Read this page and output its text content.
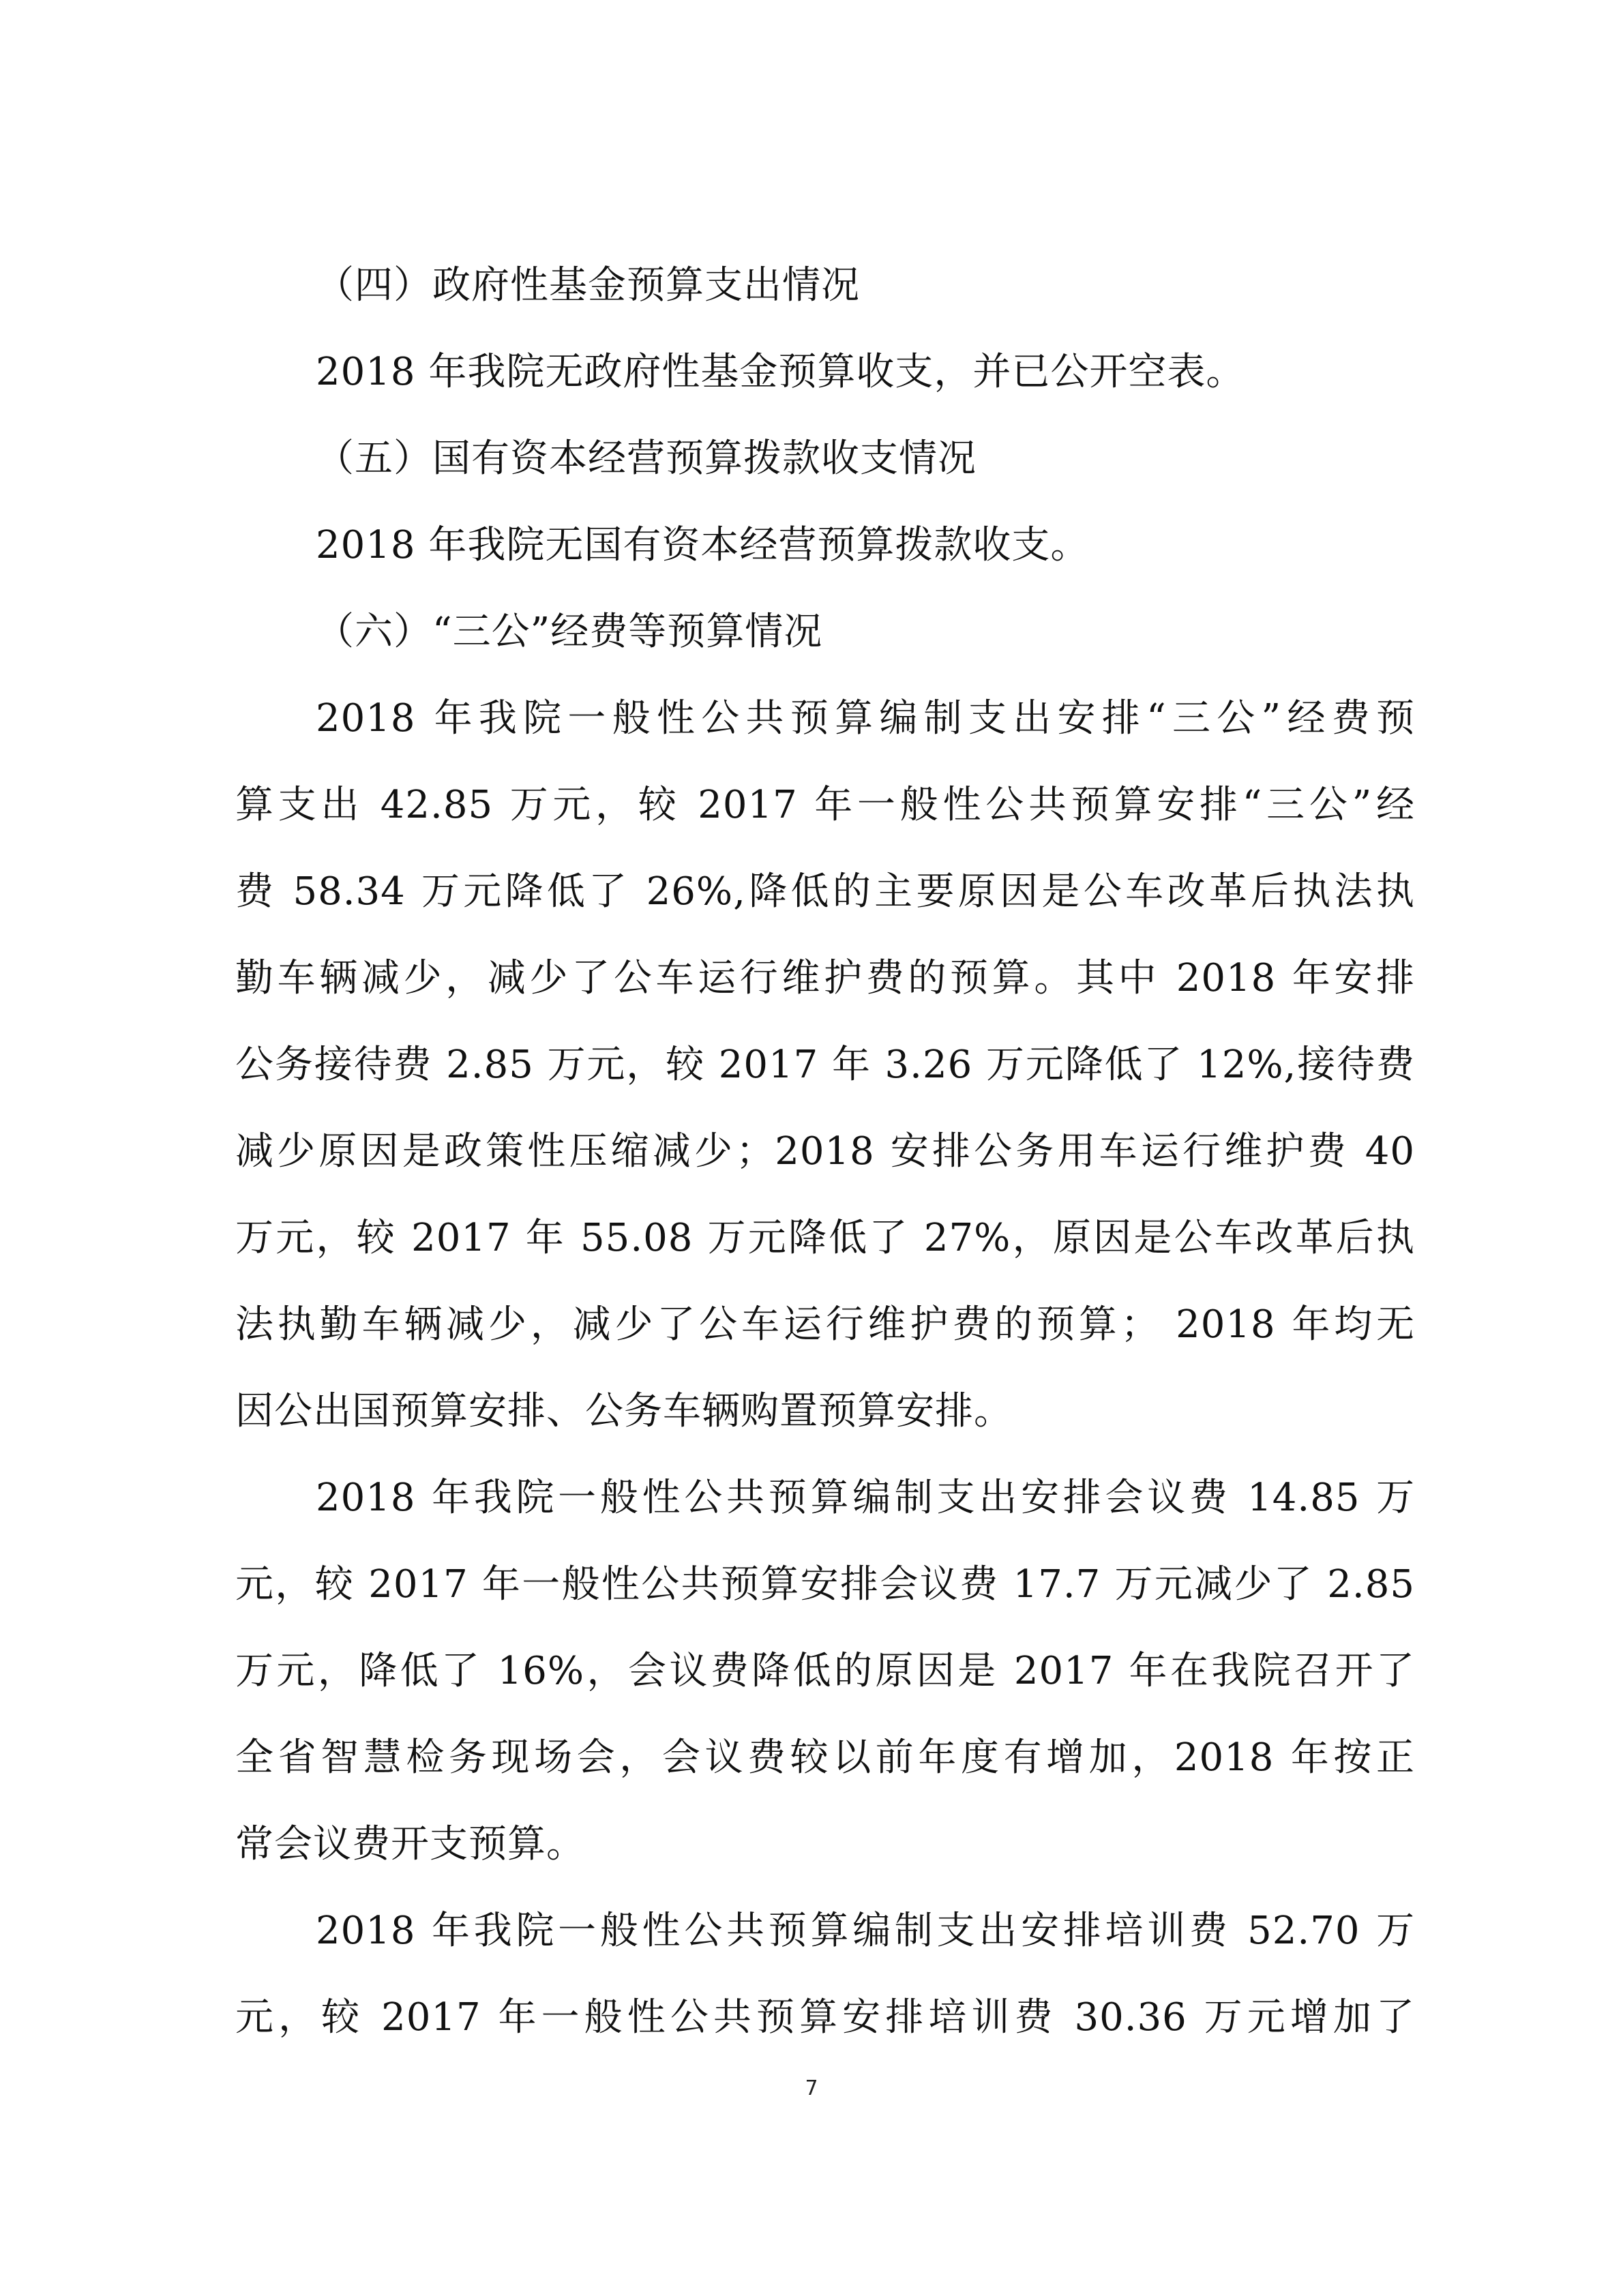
（四）政府性基金预算支出情况
2018 年我院无政府性基金预算收支，并已公开空表。
（五）国有资本经营预算拨款收支情况
2018 年我院无国有资本经营预算拨款收支。
（六）“三公”经费等预算情况
2018 年我院一般性公共预算编制支出安排“三公”经费预
算支出 42.85 万元，较 2017 年一般性公共预算安排“三公”经
费 58.34 万元降低了 26%,降低的主要原因是公车改革后执法执
勤车辆减少，减少了公车运行维护费的预算。其中 2018 年安排
公务接待费 2.85 万元，较 2017 年 3.26 万元降低了 12%,接待费
减少原因是政策性压缩减少；2018 安排公务用车运行维护费 40
万元，较 2017 年 55.08 万元降低了 27%，原因是公车改革后执
法执勤车辆减少，减少了公车运行维护费的预算； 2018 年均无
因公出国预算安排、公务车辆购置预算安排。
2018 年我院一般性公共预算编制支出安排会议费 14.85 万
元，较 2017 年一般性公共预算安排会议费 17.7 万元减少了 2.85
万元，降低了 16%，会议费降低的原因是 2017 年在我院召开了
全省智慧检务现场会，会议费较以前年度有增加，2018 年按正
常会议费开支预算。
2018 年我院一般性公共预算编制支出安排培训费 52.70 万
元，较 2017 年一般性公共预算安排培训费 30.36 万元增加了
7
